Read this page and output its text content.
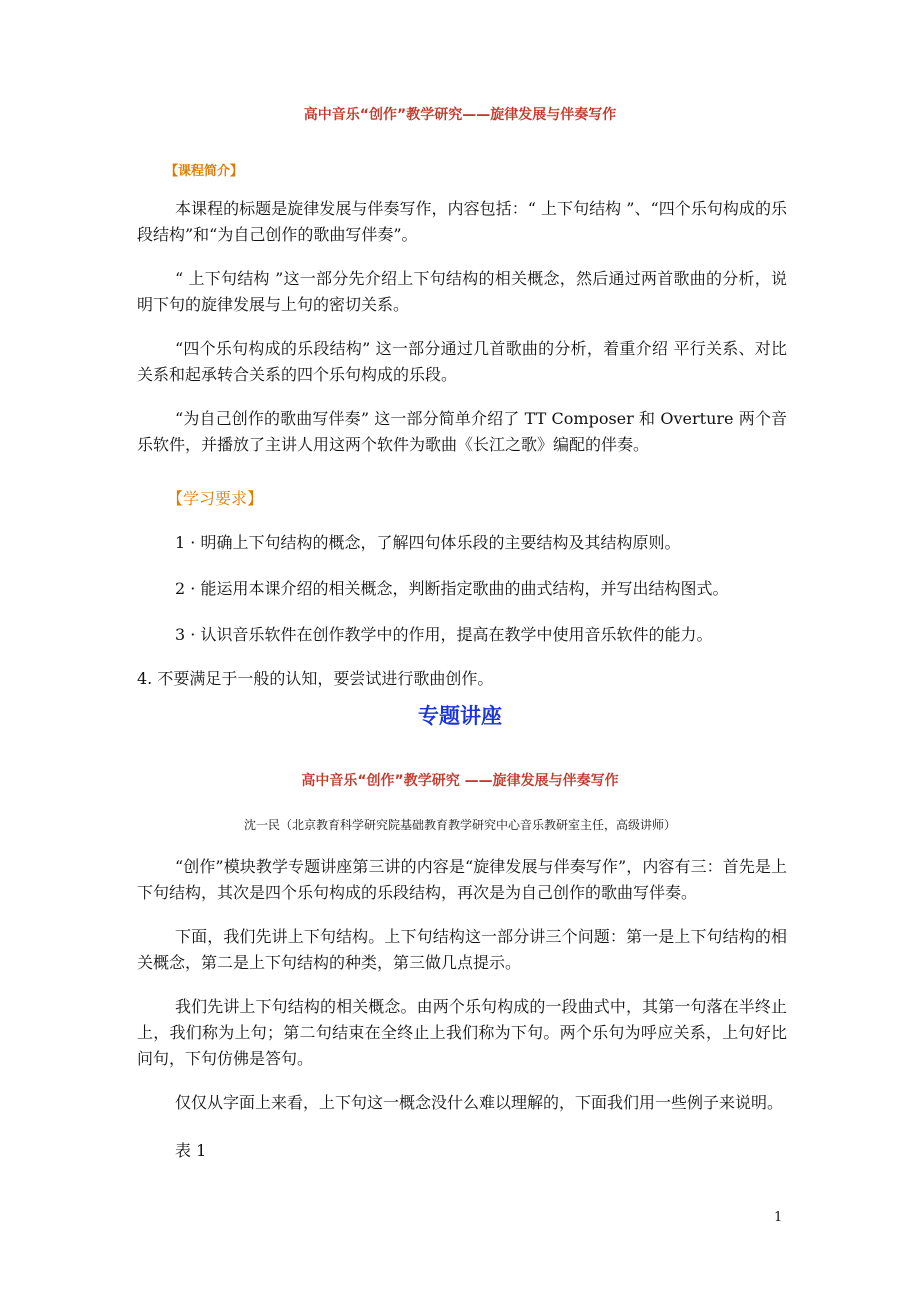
高中音乐“创作”教学研究——旋律发展与伴奏写作
【课程简介】

本课程的标题是旋律发展与伴奏写作，内容包括：“ 上下句结构 ”、“四个乐句构成的乐段结构”和“为自己创作的歌曲写伴奏”。

“ 上下句结构 ”这一部分先介绍上下句结构的相关概念，然后通过两首歌曲的分析，说明下句的旋律发展与上句的密切关系。

“四个乐句构成的乐段结构” 这一部分通过几首歌曲的分析，着重介绍 平行关系、对比关系和起承转合关系的四个乐句构成的乐段。

“为自己创作的歌曲写伴奏” 这一部分简单介绍了 TT Composer 和 Overture 两个音乐软件，并播放了主讲人用这两个软件为歌曲《长江之歌》编配的伴奏。

【学习要求】

1 · 明确上下句结构的概念，了解四句体乐段的主要结构及其结构原则。

2 · 能运用本课介绍的相关概念，判断指定歌曲的曲式结构，并写出结构图式。

3 · 认识音乐软件在创作教学中的作用，提高在教学中使用音乐软件的能力。

4. 不要满足于一般的认知，要尝试进行歌曲创作。

专题讲座
高中音乐“创作”教学研究 ——旋律发展与伴奏写作
沈一民（北京教育科学研究院基础教育教学研究中心音乐教研室主任，高级讲师）

“创作”模块教学专题讲座第三讲的内容是“旋律发展与伴奏写作”，内容有三：首先是上下句结构，其次是四个乐句构成的乐段结构，再次是为自己创作的歌曲写伴奏。

下面，我们先讲上下句结构。上下句结构这一部分讲三个问题：第一是上下句结构的相关概念，第二是上下句结构的种类，第三做几点提示。

我们先讲上下句结构的相关概念。由两个乐句构成的一段曲式中，其第一句落在半终止上，我们称为上句；第二句结束在全终止上我们称为下句。两个乐句为呼应关系，上句好比问句，下句仿佛是答句。

仅仅从字面上来看，上下句这一概念没什么难以理解的，下面我们用一些例子来说明。

表 1
1
